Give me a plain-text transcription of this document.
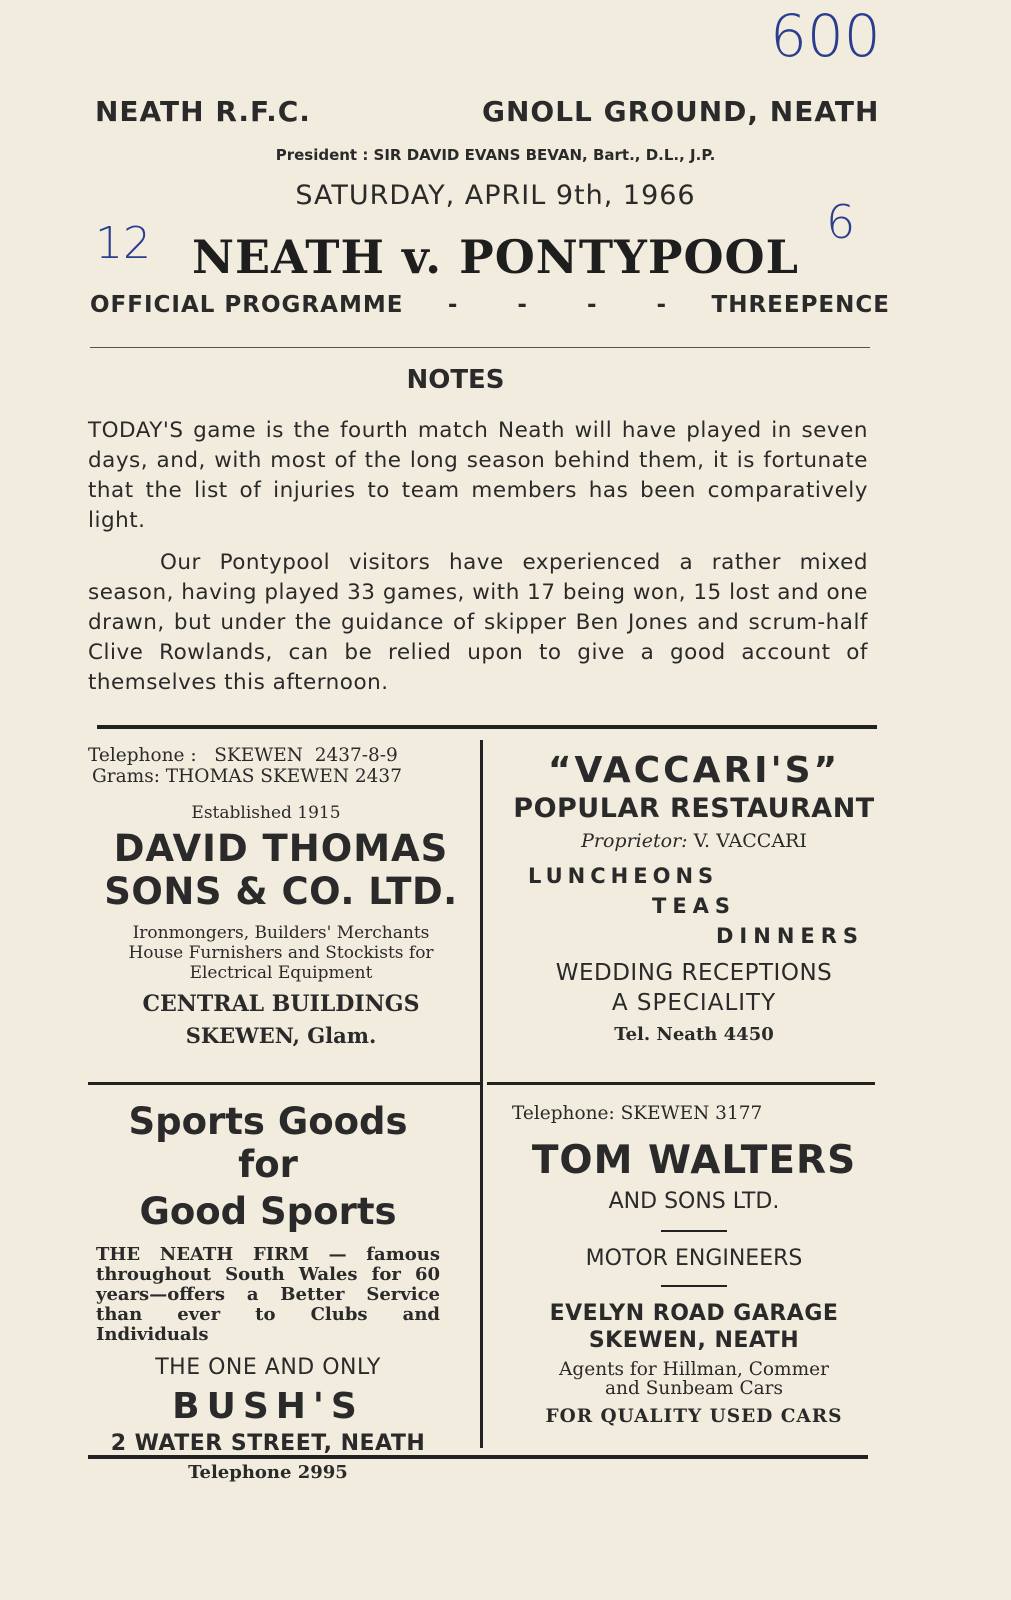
600
12	6
NEATH R.F.C.	GNOLL GROUND, NEATH
President : SIR DAVID EVANS BEVAN, Bart., D.L., J.P.
SATURDAY, APRIL 9th, 1966
NEATH v. PONTYPOOL
OFFICIAL PROGRAMME - - - - THREEPENCE
NOTES
TODAY'S game is the fourth match Neath will have played in seven days, and, with most of the long season behind them, it is fortunate that the list of injuries to team members has been comparatively light.
Our Pontypool visitors have experienced a rather mixed season, having played 33 games, with 17 being won, 15 lost and one drawn, but under the guidance of skipper Ben Jones and scrum-half Clive Rowlands, can be relied upon to give a good account of themselves this afternoon.
Telephone :   SKEWEN  2437-8-9
Grams: THOMAS SKEWEN 2437
Established 1915
DAVID THOMAS
SONS & CO. LTD.
Ironmongers, Builders' Merchants
House Furnishers and Stockists for
Electrical Equipment
CENTRAL BUILDINGS
SKEWEN, Glam.
“VACCARI'S”
POPULAR RESTAURANT
Proprietor: V. VACCARI
LUNCHEONS
TEAS
DINNERS
WEDDING RECEPTIONS
A SPECIALITY
Tel. Neath 4450
Sports Goods for
Good Sports
THE NEATH FIRM — famous throughout South Wales for 60 years—offers a Better Service than ever to Clubs and Individuals
THE ONE AND ONLY
BUSH'S
2 WATER STREET, NEATH
Telephone 2995
Telephone: SKEWEN 3177
TOM WALTERS
AND SONS LTD.
MOTOR ENGINEERS
EVELYN ROAD GARAGE
SKEWEN, NEATH
Agents for Hillman, Commer
and Sunbeam Cars
FOR QUALITY USED CARS
